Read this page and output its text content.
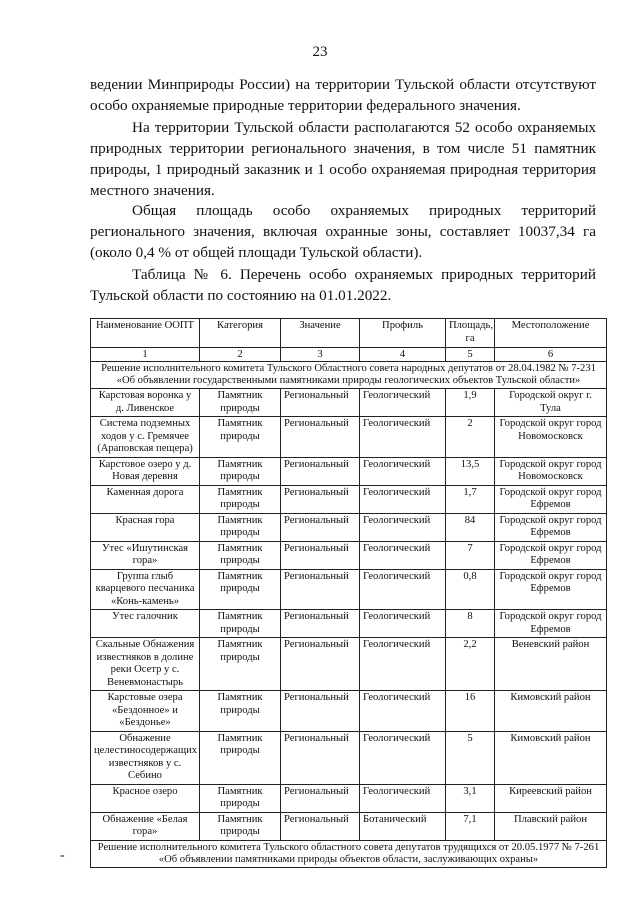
23

ведении Минприроды России) на территории Тульской области отсутствуют особо охраняемые природные территории федерального значения.

На территории Тульской области располагаются 52 особо охраняемых природных территории регионального значения, в том числе 51 памятник природы, 1 природный заказник и 1 особо охраняемая природная территория местного значения.

Общая площадь особо охраняемых природных территорий регионального значения, включая охранные зоны, составляет 10037,34 га (около 0,4 % от общей площади Тульской области).

Таблица № 6. Перечень особо охраняемых природных территорий Тульской области по состоянию на 01.01.2022.

Наименование ООПТ	Категория	Значение	Профиль	Площадь, га	Местоположение
1	2	3	4	5	6
Решение исполнительного комитета Тульского Областного совета народных депутатов от 28.04.1982 № 7-231 «Об объявлении государственными памятниками природы геологических объектов Тульской области»					
Карстовая воронка у д. Ливенское	Памятник природы	Региональный	Геологический	1,9	Городской округ г. Тула
Система подземных ходов у с. Гремячее (Араповская пещера)	Памятник природы	Региональный	Геологический	2	Городской округ город Новомосковск
Карстовое озеро у д. Новая деревня	Памятник природы	Региональный	Геологический	13,5	Городской округ город Новомосковск
Каменная дорога	Памятник природы	Региональный	Геологический	1,7	Городской округ город Ефремов
Красная гора	Памятник природы	Региональный	Геологический	84	Городской округ город Ефремов
Утес «Ишутинская гора»	Памятник природы	Региональный	Геологический	7	Городской округ город Ефремов
Группа глыб кварцевого песчаника «Конь-камень»	Памятник природы	Региональный	Геологический	0,8	Городской округ город Ефремов
Утес галочник	Памятник природы	Региональный	Геологический	8	Городской округ город Ефремов
Скальные Обнажения известняков в долине реки Осетр у с. Веневмонастырь	Памятник природы	Региональный	Геологический	2,2	Веневский район
Карстовые озера «Бездонное» и «Бездонье»	Памятник природы	Региональный	Геологический	16	Кимовский район
Обнажение целестиносодержащих известняков у с. Себино	Памятник природы	Региональный	Геологический	5	Кимовский район
Красное озеро	Памятник природы	Региональный	Геологический	3,1	Киреевский район
Обнажение «Белая гора»	Памятник природы	Региональный	Ботанический	7,1	Плавский район
Решение исполнительного комитета Тульского областного совета депутатов трудящихся от 20.05.1977 № 7-261 «Об объявлении памятниками природы объектов области, заслуживающих охраны»					
-
